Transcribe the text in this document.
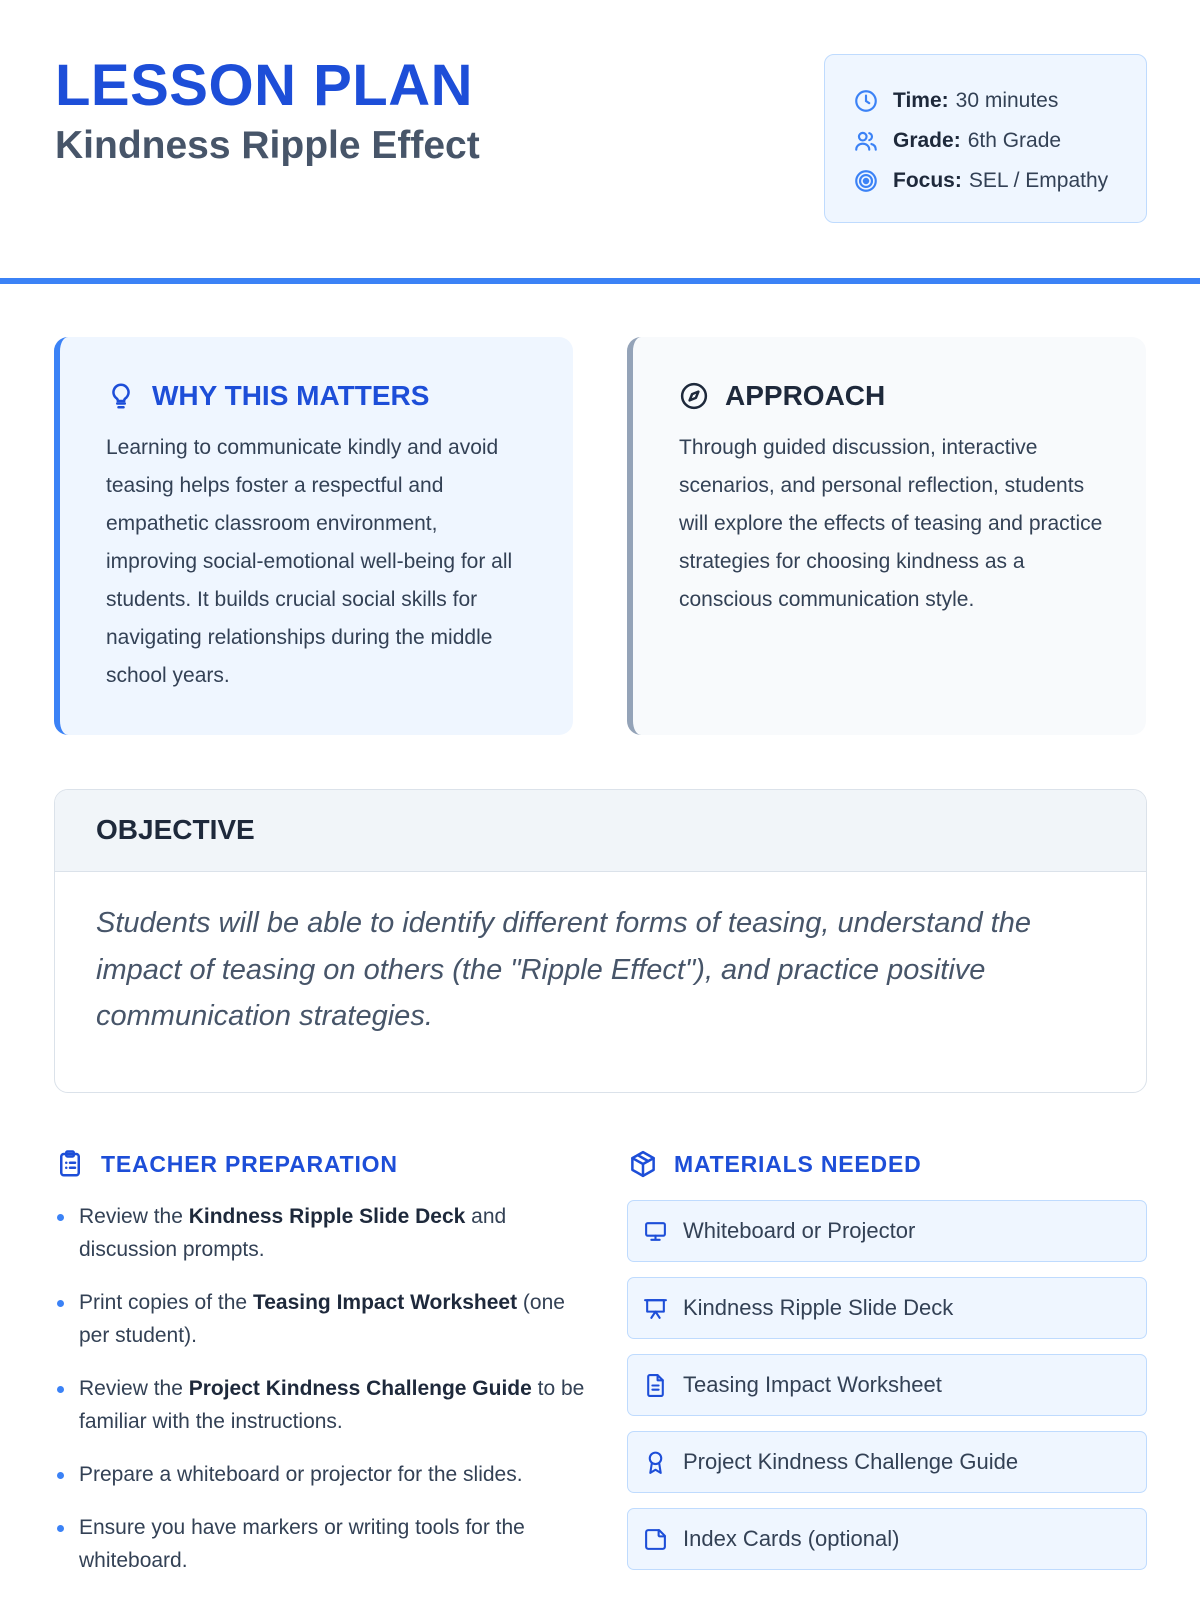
LESSON PLAN
Kindness Ripple Effect
Time: 30 minutes
Grade: 6th Grade
Focus: SEL / Empathy
WHY THIS MATTERS

Learning to communicate kindly and avoid teasing helps foster a respectful and empathetic classroom environment, improving social-emotional well-being for all students. It builds crucial social skills for navigating relationships during the middle school years.

APPROACH

Through guided discussion, interactive scenarios, and personal reflection, students will explore the effects of teasing and practice strategies for choosing kindness as a conscious communication style.

OBJECTIVE

Students will be able to identify different forms of teasing, understand the impact of teasing on others (the "Ripple Effect"), and practice positive communication strategies.

TEACHER PREPARATION
Review the Kindness Ripple Slide Deck and discussion prompts.
Print copies of the Teasing Impact Worksheet (one per student).
Review the Project Kindness Challenge Guide to be familiar with the instructions.
Prepare a whiteboard or projector for the slides.
Ensure you have markers or writing tools for the whiteboard.
MATERIALS NEEDED
Whiteboard or Projector
Kindness Ripple Slide Deck
Teasing Impact Worksheet
Project Kindness Challenge Guide
Index Cards (optional)
